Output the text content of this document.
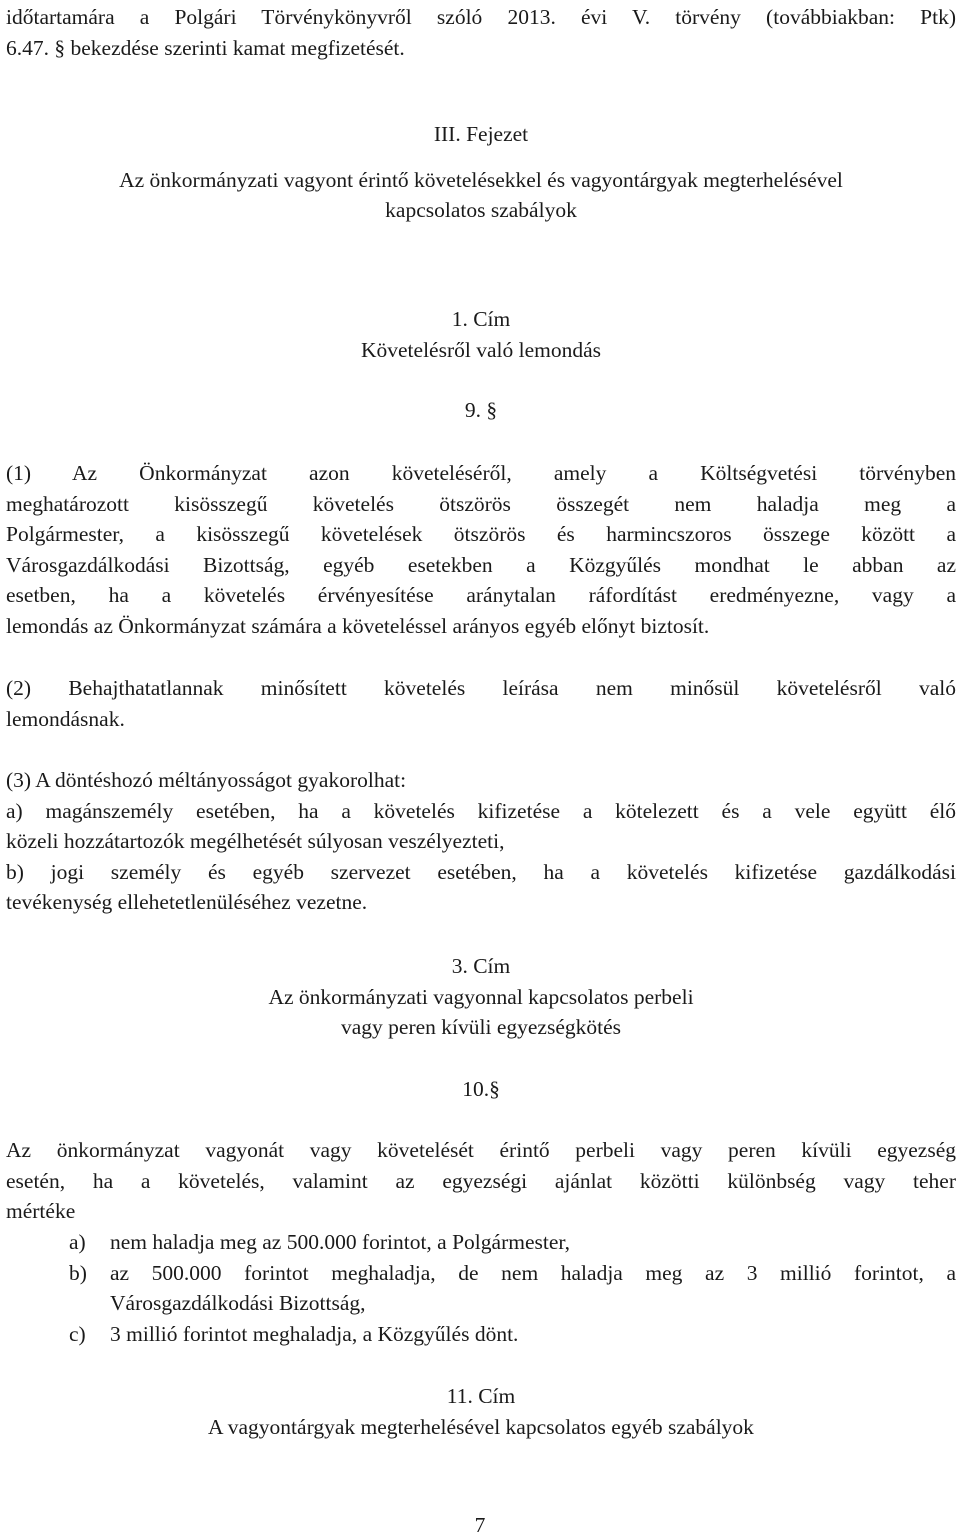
időtartamára a Polgári Törvénykönyvről szóló 2013. évi V. törvény (továbbiakban: Ptk)
6.47. § bekezdése szerinti kamat megfizetését.

III. Fejezet

Az önkormányzati vagyont érintő követelésekkel és vagyontárgyak megterhelésével

kapcsolatos szabályok

1. Cím

Követelésről való lemondás

9. §

(1) Az Önkormányzat azon követeléséről, amely a Költségvetési törvényben
meghatározott kisösszegű követelés ötszörös összegét nem haladja meg a
Polgármester, a kisösszegű követelések ötszörös és harmincszoros összege között a
Városgazdálkodási Bizottság, egyéb esetekben a Közgyűlés mondhat le abban az
esetben, ha a követelés érvényesítése aránytalan ráfordítást eredményezne, vagy a
lemondás az Önkormányzat számára a követeléssel arányos egyéb előnyt biztosít.
(2) Behajthatatlannak minősített követelés leírása nem minősül követelésről való
lemondásnak.
(3) A döntéshozó méltányosságot gyakorolhat:
a) magánszemély esetében, ha a követelés kifizetése a kötelezett és a vele együtt élő
közeli hozzátartozók megélhetését súlyosan veszélyezteti,
b) jogi személy és egyéb szervezet esetében, ha a követelés kifizetése gazdálkodási
tevékenység ellehetetlenüléséhez vezetne.

3. Cím

Az önkormányzati vagyonnal kapcsolatos perbeli

vagy peren kívüli egyezségkötés

10.§

Az önkormányzat vagyonát vagy követelését érintő perbeli vagy peren kívüli egyezség
esetén, ha a követelés, valamint az egyezségi ajánlat közötti különbség vagy teher
mértéke
a) nem haladja meg az 500.000 forintot, a Polgármester,
b) az 500.000 forintot meghaladja, de nem haladja meg az 3 millió forintot, a
Városgazdálkodási Bizottság,
c) 3 millió forintot meghaladja, a Közgyűlés dönt.

11. Cím

A vagyontárgyak megterhelésével kapcsolatos egyéb szabályok

7
